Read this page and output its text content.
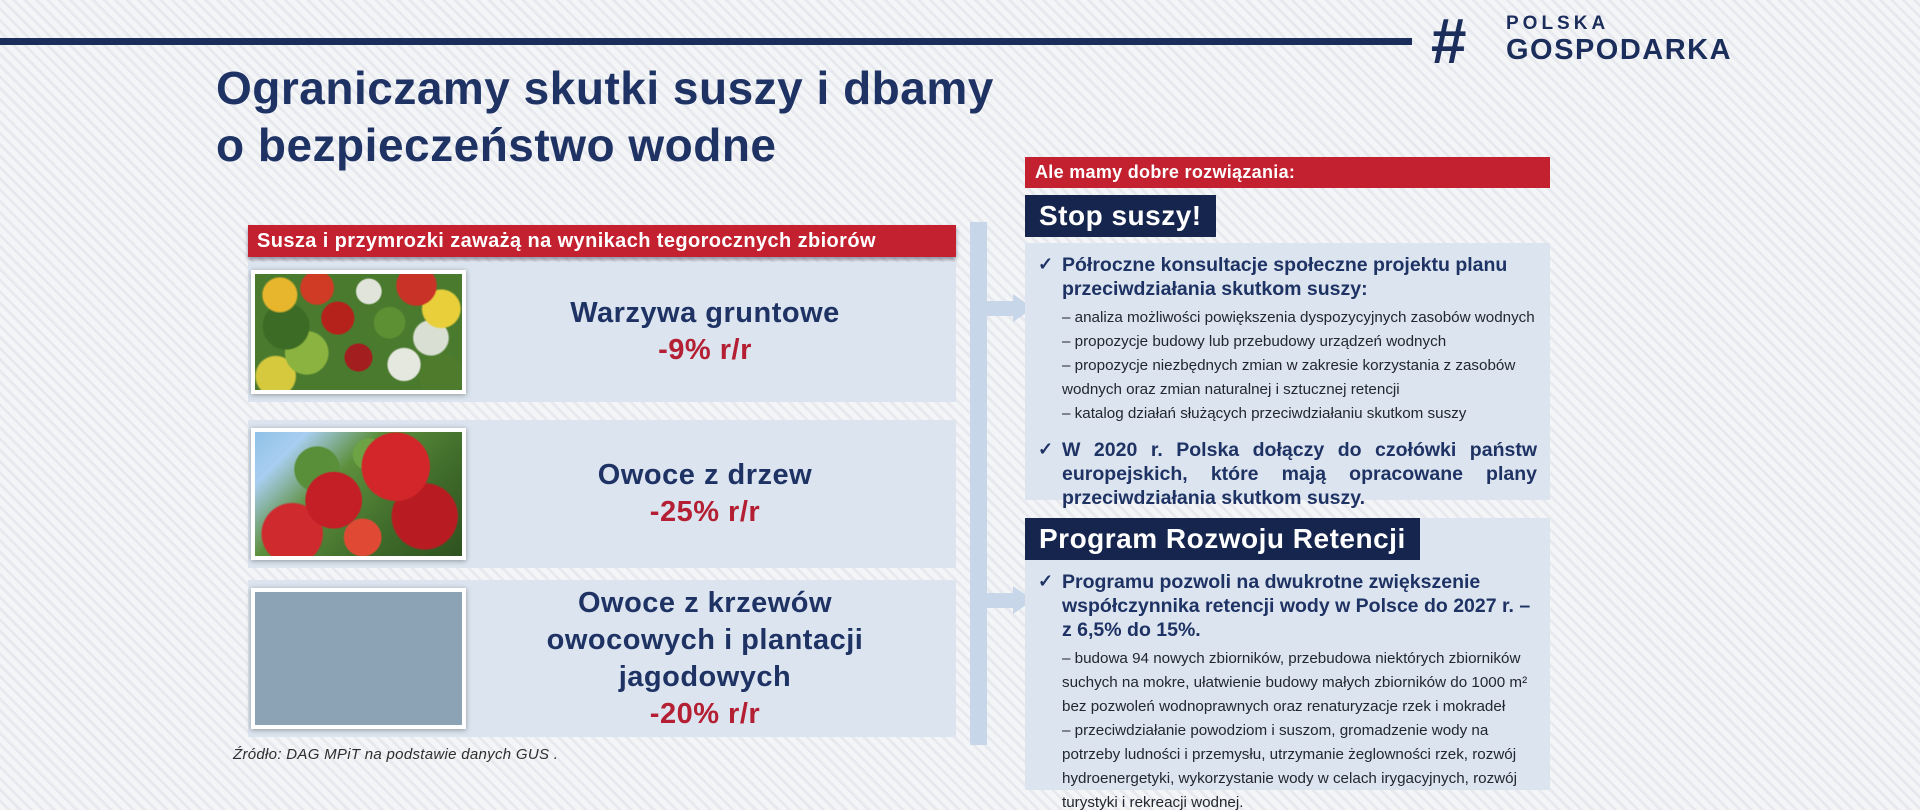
#	POLSKA
GOSPODARKA
Ograniczamy skutki suszy i dbamy
o bezpieczeństwo wodne
Susza i przymrozki zaważą na wynikach tegorocznych zbiorów
Warzywa gruntowe
-9% r/r
Owoce z drzew
-25% r/r
Owoce z krzewów owocowych i plantacji jagodowych
-20% r/r
Źródło: DAG MPiT na podstawie danych GUS .
Ale mamy dobre rozwiązania:
Stop suszy!
✓ Półroczne konsultacje społeczne projektu planu przeciwdziałania skutkom suszy:
– analiza możliwości powiększenia dyspozycyjnych zasobów wodnych
– propozycje budowy lub przebudowy urządzeń wodnych
– propozycje niezbędnych zmian w zakresie korzystania z zasobów wodnych oraz zmian naturalnej i sztucznej retencji
– katalog działań służących przeciwdziałaniu skutkom suszy
✓ W 2020 r. Polska dołączy do czołówki państw europejskich, które mają opracowane plany przeciwdziałania skutkom suszy.
✓ Programu pozwoli na dwukrotne zwiększenie współczynnika retencji wody w Polsce do 2027 r. – z 6,5% do 15%.
– budowa 94 nowych zbiorników, przebudowa niektórych zbiorników suchych na mokre, ułatwienie budowy małych zbiorników do 1000 m² bez pozwoleń wodnoprawnych oraz renaturyzacje rzek i mokradeł
– przeciwdziałanie powodziom i suszom, gromadzenie wody na potrzeby ludności i przemysłu, utrzymanie żeglowności rzek, rozwój hydroenergetyki, wykorzystanie wody w celach irygacyjnych, rozwój turystyki i rekreacji wodnej.
Program Rozwoju Retencji
